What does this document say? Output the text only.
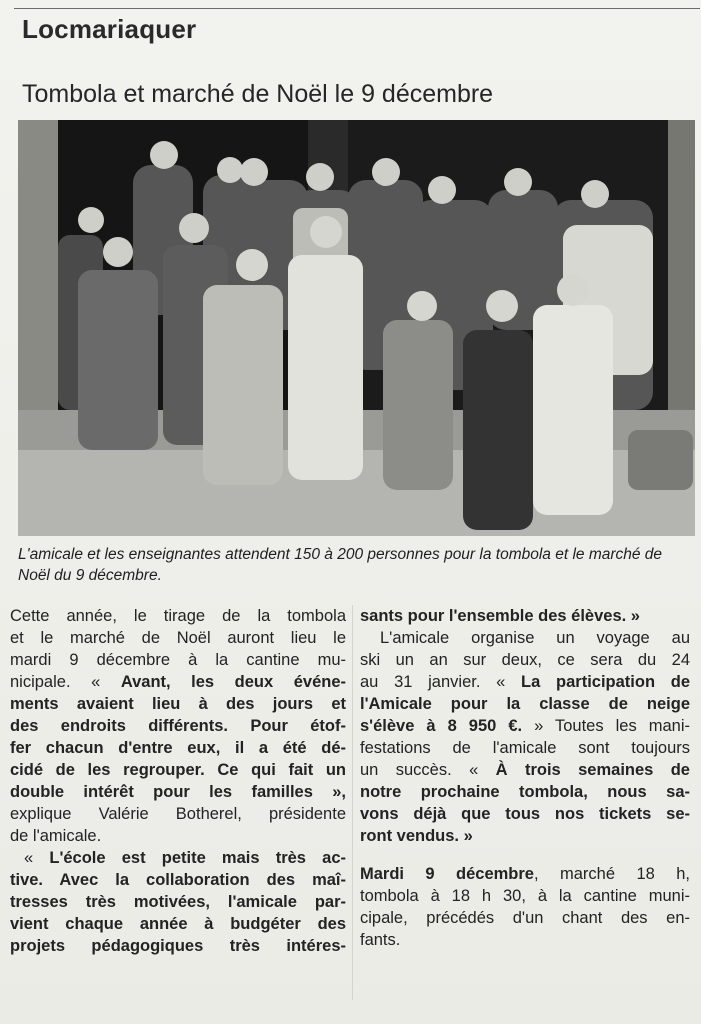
Locmariaquer
Tombola et marché de Noël le 9 décembre
L'amicale et les enseignantes attendent 150 à 200 personnes pour la tombola et le marché de Noël du 9 décembre.
Cette année, le tirage de la tombola
et le marché de Noël auront lieu le
mardi 9 décembre à la cantine mu-
nicipale. « Avant, les deux événe-
ments avaient lieu à des jours et
des endroits différents. Pour étof-
fer chacun d'entre eux, il a été dé-
cidé de les regrouper. Ce qui fait un
double intérêt pour les familles »,
explique Valérie Botherel, présidente
de l'amicale.
« L'école est petite mais très ac-
tive. Avec la collaboration des maî-
tresses très motivées, l'amicale par-
vient chaque année à budgéter des
projets pédagogiques très intéres-
sants pour l'ensemble des élèves. »
L'amicale organise un voyage au
ski un an sur deux, ce sera du 24
au 31 janvier. « La participation de
l'Amicale pour la classe de neige
s'élève à 8 950 €. » Toutes les mani-
festations de l'amicale sont toujours
un succès. « À trois semaines de
notre prochaine tombola, nous sa-
vons déjà que tous nos tickets se-
ront vendus. »
Mardi 9 décembre, marché 18 h,
tombola à 18 h 30, à la cantine muni-
cipale, précédés d'un chant des en-
fants.
